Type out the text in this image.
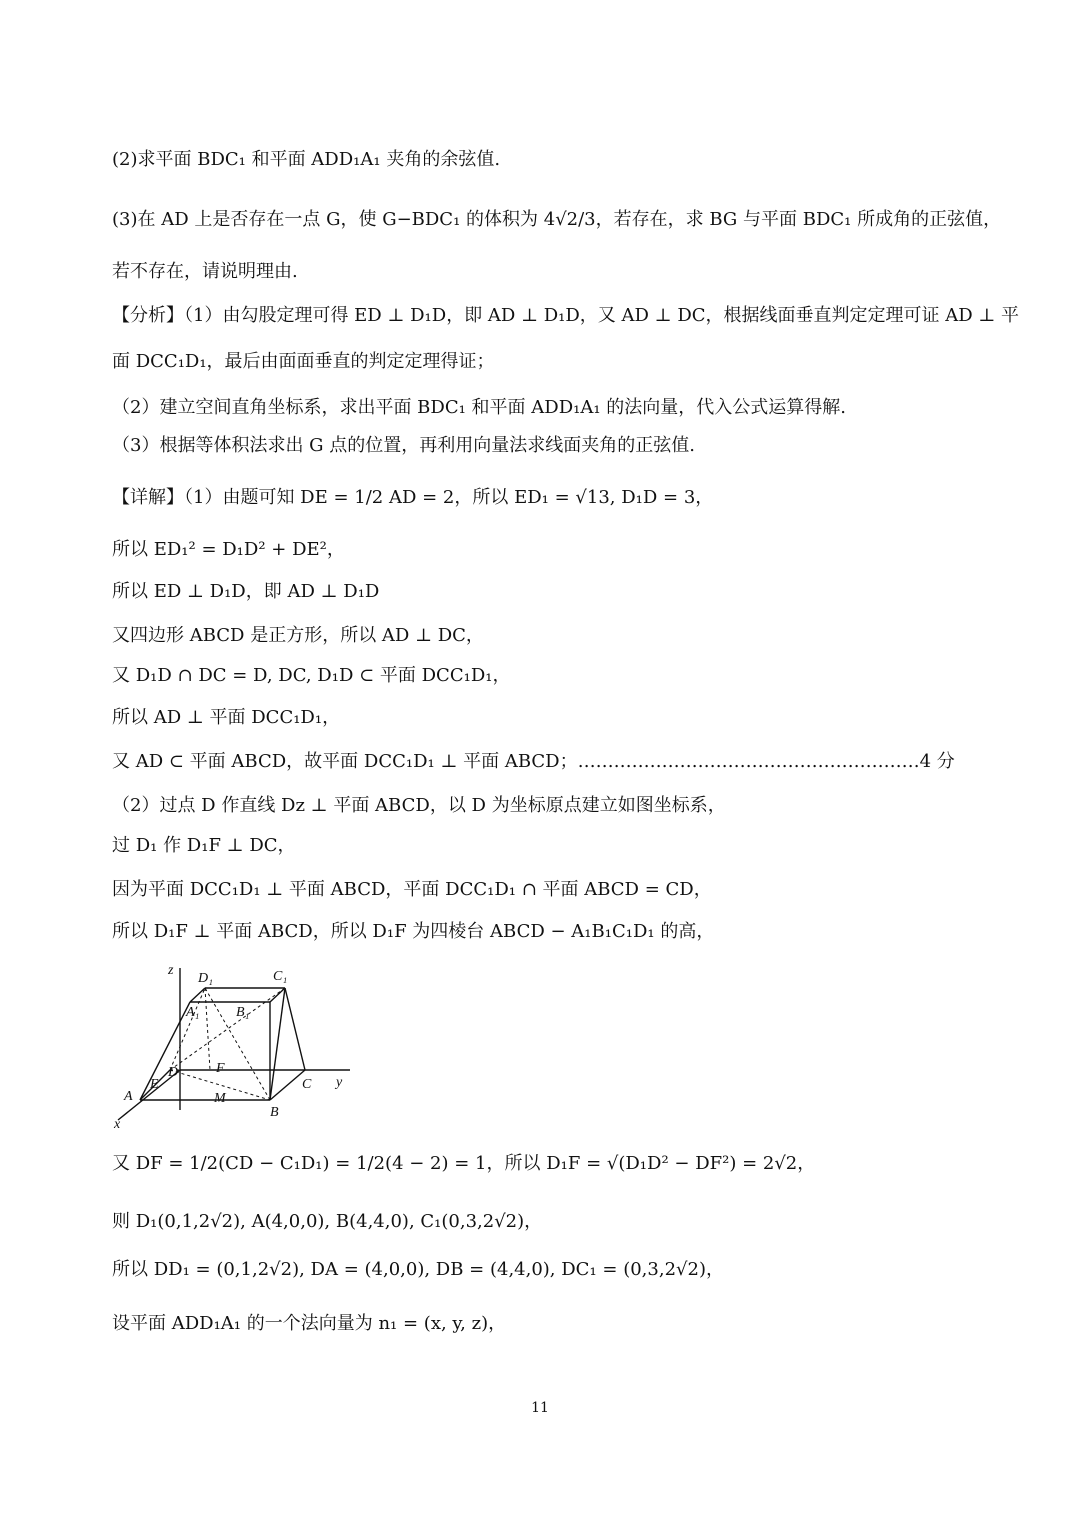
(2)求平面 BDC₁ 和平面 ADD₁A₁ 夹角的余弦值.
(3)在 AD 上是否存在一点 G，使 G−BDC₁ 的体积为 4√2/3，若存在，求 BG 与平面 BDC₁ 所成角的正弦值，
若不存在，请说明理由.
【分析】（1）由勾股定理可得 ED ⊥ D₁D，即 AD ⊥ D₁D，又 AD ⊥ DC，根据线面垂直判定定理可证 AD ⊥ 平
面 DCC₁D₁，最后由面面垂直的判定定理得证；
（2）建立空间直角坐标系，求出平面 BDC₁ 和平面 ADD₁A₁ 的法向量，代入公式运算得解.
（3）根据等体积法求出 G 点的位置，再利用向量法求线面夹角的正弦值.
【详解】（1）由题可知 DE = 1/2 AD = 2，所以 ED₁ = √13, D₁D = 3，
所以 ED₁² = D₁D² + DE²，
所以 ED ⊥ D₁D，即 AD ⊥ D₁D
又四边形 ABCD 是正方形，所以 AD ⊥ DC，
又 D₁D ∩ DC = D, DC, D₁D ⊂ 平面 DCC₁D₁，
所以 AD ⊥ 平面 DCC₁D₁，
又 AD ⊂ 平面 ABCD，故平面 DCC₁D₁ ⊥ 平面 ABCD；…………………………………………………4 分
（2）过点 D 作直线 Dz ⊥ 平面 ABCD，以 D 为坐标原点建立如图坐标系，
过 D₁ 作 D₁F ⊥ DC，
因为平面 DCC₁D₁ ⊥ 平面 ABCD，平面 DCC₁D₁ ∩ 平面 ABCD = CD，
所以 D₁F ⊥ 平面 ABCD，所以 D₁F 为四棱台 ABCD − A₁B₁C₁D₁ 的高，
z
D₁	C₁
A₁	B₁
F
D
E
A	M
B
C y
x
又 DF = 1/2(CD − C₁D₁) = 1/2(4 − 2) = 1，所以 D₁F = √(D₁D² − DF²) = 2√2，
则 D₁(0,1,2√2), A(4,0,0), B(4,4,0), C₁(0,3,2√2)，
所以 DD₁ = (0,1,2√2), DA = (4,0,0), DB = (4,4,0), DC₁ = (0,3,2√2)，
设平面 ADD₁A₁ 的一个法向量为 n₁ = (x, y, z)，
11
